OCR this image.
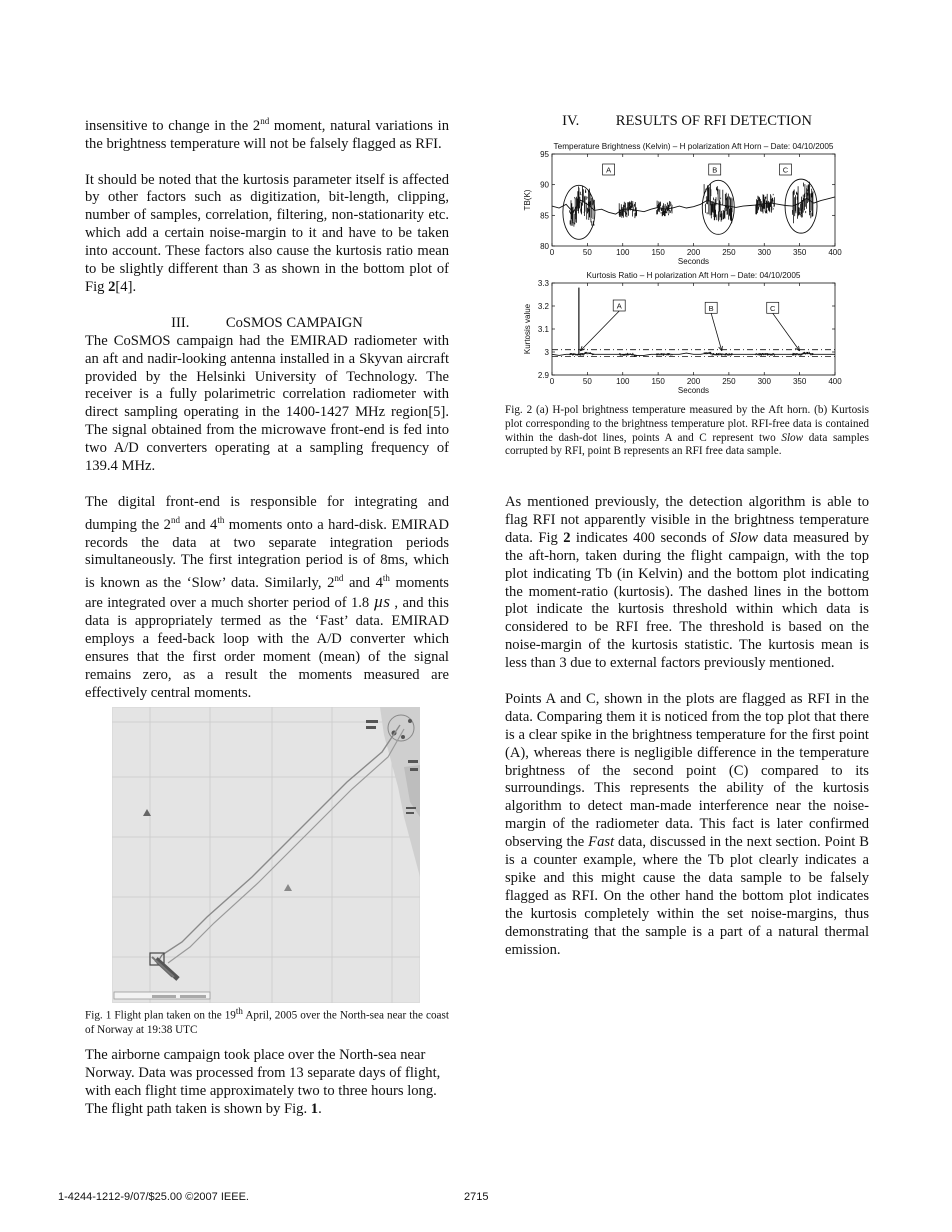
insensitive to change in the 2nd moment, natural variations in the brightness temperature will not be falsely flagged as RFI.

It should be noted that the kurtosis parameter itself is affected by other factors such as digitization, bit-length, clipping, number of samples, correlation, filtering, non-stationarity etc. which add a certain noise-margin to it and have to be taken into account. These factors also cause the kurtosis ratio mean to be slightly different than 3 as shown in the bottom plot of Fig 2[4].

III. CoSMOS CAMPAIGN

The CoSMOS campaign had the EMIRAD radiometer with an aft and nadir-looking antenna installed in a Skyvan aircraft provided by the Helsinki University of Technology. The receiver is a fully polarimetric correlation radiometer with direct sampling operating in the 1400-1427 MHz region[5]. The signal obtained from the microwave front-end is fed into two A/D converters operating at a sampling frequency of 139.4 MHz.

The digital front-end is responsible for integrating and dumping the 2nd and 4th moments onto a hard-disk. EMIRAD records the data at two separate integration periods simultaneously. The first integration period is of 8ms, which is known as the ‘Slow’ data. Similarly, 2nd and 4th moments are integrated over a much shorter period of 1.8 µs , and this data is appropriately termed as the ‘Fast’ data. EMIRAD employs a feed-back loop with the A/D converter which ensures that the first order moment (mean) of the signal remains zero, as a result the moments measured are effectively central moments.

Fig. 1 Flight plan taken on the 19th April, 2005 over the North-sea near the coast of Norway at 19:38 UTC

The airborne campaign took place over the North-sea near Norway. Data was processed from 13 separate days of flight, with each flight time approximately two to three hours long. The flight path taken is shown by Fig. 1.

IV. RESULTS OF RFI DETECTION

Temperature Brightness (Kelvin) – H polarization Aft Horn – Date: 04/10/2005
0	50	100	150	200	250	300	350	400
80
85
90
95
Seconds
TB(K)
A	B	C
Kurtosis Ratio – H polarization Aft Horn – Date: 04/10/2005
0	50	100	150	200	250	300	350	400
2.9
3
3.1
3.2
3.3
Seconds
Kurtosis value	A	B	C
Fig. 2 (a) H-pol brightness temperature measured by the Aft horn. (b) Kurtosis plot corresponding to the brightness temperature plot. RFI-free data is contained within the dash-dot lines, points A and C represent two Slow data samples corrupted by RFI, point B represents an RFI free data sample.

As mentioned previously, the detection algorithm is able to flag RFI not apparently visible in the brightness temperature data. Fig 2 indicates 400 seconds of Slow data measured by the aft-horn, taken during the flight campaign, with the top plot indicating Tb (in Kelvin) and the bottom plot indicating the moment-ratio (kurtosis). The dashed lines in the bottom plot indicate the kurtosis threshold within which data is considered to be RFI free. The threshold is based on the noise-margin of the kurtosis statistic. The kurtosis mean is less than 3 due to external factors previously mentioned.

Points A and C, shown in the plots are flagged as RFI in the data. Comparing them it is noticed from the top plot that there is a clear spike in the brightness temperature for the first point (A), whereas there is negligible difference in the temperature brightness of the second point (C) compared to its surroundings. This represents the ability of the kurtosis algorithm to detect man-made interference near the noise-margin of the radiometer data. This fact is later confirmed observing the Fast data, discussed in the next section. Point B is a counter example, where the Tb plot clearly indicates a spike and this might cause the data sample to be falsely flagged as RFI. On the other hand the bottom plot indicates the kurtosis completely within the set noise-margins, thus demonstrating that the sample is a part of a natural thermal emission.

1-4244-1212-9/07/$25.00 ©2007 IEEE.	2715
